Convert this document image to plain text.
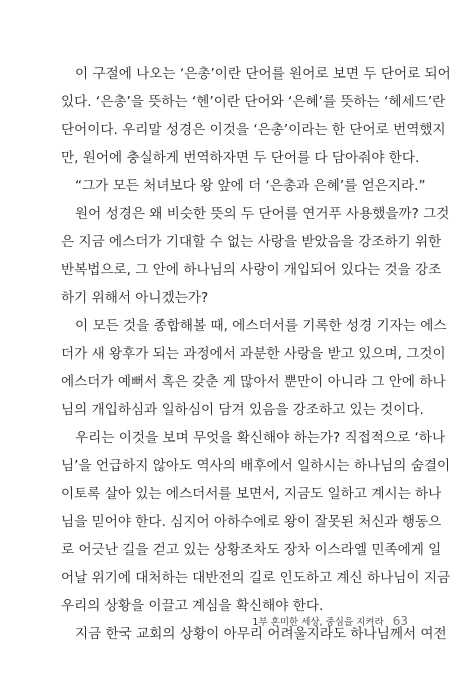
이 구절에 나오는 ‘은총’이란 단어를 원어로 보면 두 단어로 되어
있다. ‘은총’을 뜻하는 ‘헨’이란 단어와 ‘은혜’를 뜻하는 ‘헤세드’란
단어이다. 우리말 성경은 이것을 ‘은총’이라는 한 단어로 번역했지
만, 원어에 충실하게 번역하자면 두 단어를 다 담아줘야 한다.
“그가 모든 처녀보다 왕 앞에 더 ‘은총과 은혜’를 얻은지라.”
원어 성경은 왜 비슷한 뜻의 두 단어를 연거푸 사용했을까? 그것
은 지금 에스더가 기대할 수 없는 사랑을 받았음을 강조하기 위한
반복법으로, 그 안에 하나님의 사랑이 개입되어 있다는 것을 강조
하기 위해서 아니겠는가?
이 모든 것을 종합해볼 때, 에스더서를 기록한 성경 기자는 에스
더가 새 왕후가 되는 과정에서 과분한 사랑을 받고 있으며, 그것이
에스더가 예뻐서 혹은 갖춘 게 많아서 뿐만이 아니라 그 안에 하나
님의 개입하심과 일하심이 담겨 있음을 강조하고 있는 것이다.
우리는 이것을 보며 무엇을 확신해야 하는가? 직접적으로 ‘하나
님’을 언급하지 않아도 역사의 배후에서 일하시는 하나님의 숨결이
이토록 살아 있는 에스더서를 보면서, 지금도 일하고 계시는 하나
님을 믿어야 한다. 심지어 아하수에로 왕이 잘못된 처신과 행동으
로 어긋난 길을 걷고 있는 상황조차도 장차 이스라엘 민족에게 일
어날 위기에 대처하는 대반전의 길로 인도하고 계신 하나님이 지금
우리의 상황을 이끌고 계심을 확신해야 한다.
지금 한국 교회의 상황이 아무리 어려울지라도 하나님께서 여전
1부 혼미한 세상, 중심을 지켜라 63
